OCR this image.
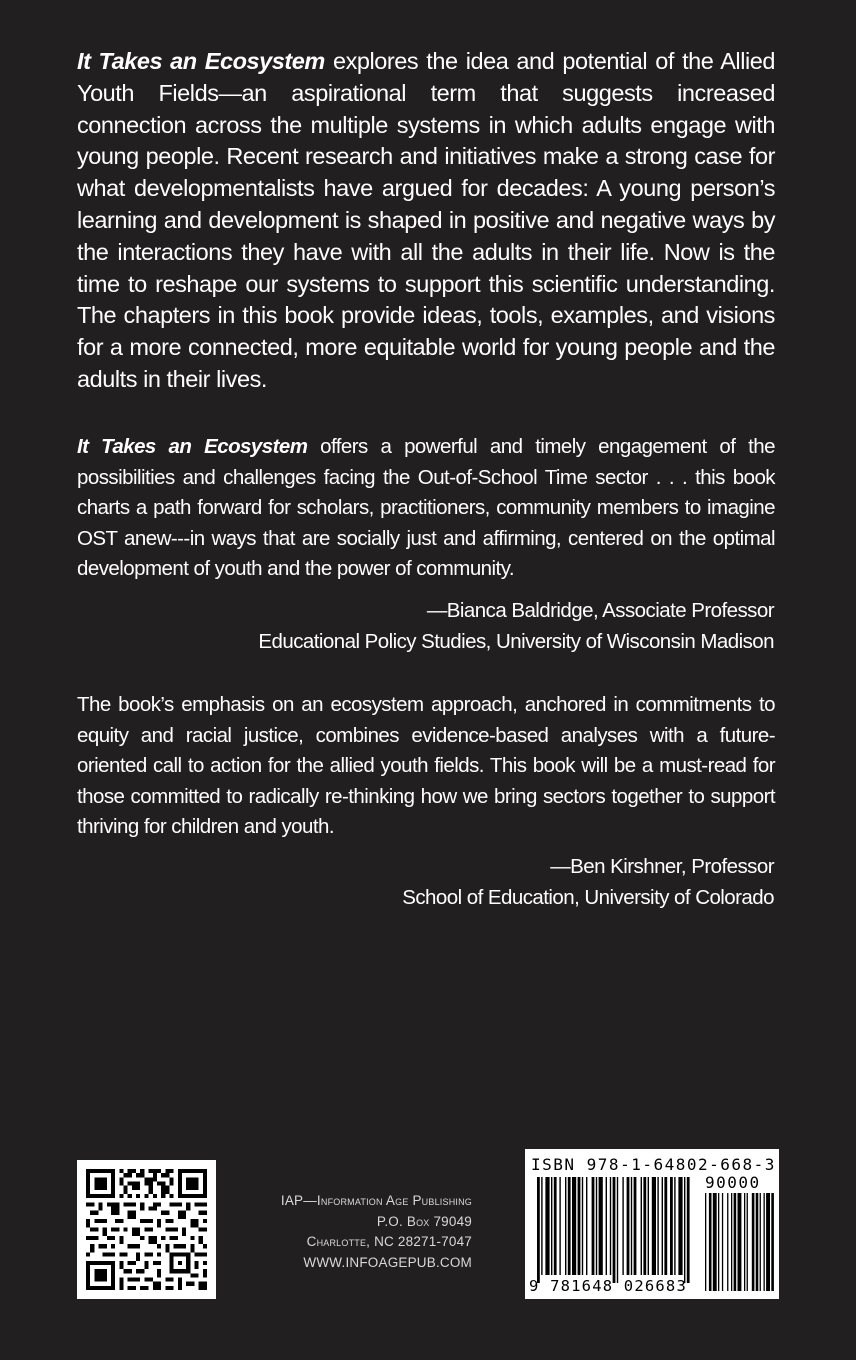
It Takes an Ecosystem explores the idea and potential of the Allied Youth Fields—an aspirational term that suggests increased connection across the multiple systems in which adults engage with young people. Recent research and initiatives make a strong case for what developmentalists have argued for decades: A young person’s learning and development is shaped in positive and negative ways by the interactions they have with all the adults in their life. Now is the time to reshape our systems to support this scientific understanding. The chapters in this book provide ideas, tools, examples, and visions for a more connected, more equitable world for young people and the adults in their lives.
It Takes an Ecosystem offers a powerful and timely engagement of the possibilities and challenges facing the Out-of-School Time sector . . . this book charts a path forward for scholars, practitioners, community members to imagine OST anew---in ways that are socially just and affirming, centered on the optimal development of youth and the power of community.
—Bianca Baldridge, Associate Professor
Educational Policy Studies, University of Wisconsin Madison
The book’s emphasis on an ecosystem approach, anchored in commitments to equity and racial justice, combines evidence-based analyses with a future-oriented call to action for the allied youth fields. This book will be a must-read for those committed to radically re-thinking how we bring sectors together to support thriving for children and youth.
—Ben Kirshner, Professor
School of Education, University of Colorado
IAP—Information Age Publishing
P.O. Box 79049
Charlotte, NC 28271-7047
WWW.INFOAGEPUB.COM
ISBN 978-1-64802-668-3
90000
9 781648 026683
